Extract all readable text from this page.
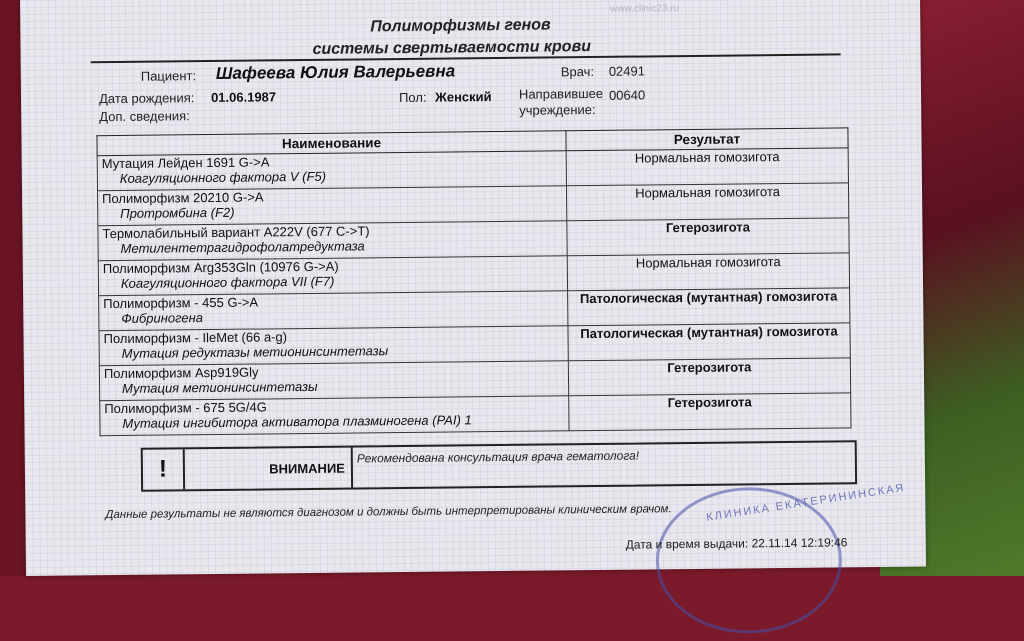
www.clinic23.ru
Полиморфизмы генов
системы свертываемости крови
Пациент: Шафеева Юлия Валерьевна	Врач: 02491
Дата рождения: 01.06.1987	Пол: Женский Направившее
учреждение:
00640
Доп. сведения:
Наименование	Результат
Мутация Лейден 1691 G->A
Коагуляционного фактора V (F5)	Нормальная гомозигота
Полиморфизм 20210 G->A
Протромбина (F2)	Нормальная гомозигота
Термолабильный вариант A222V (677 C->T)
Метилентетрагидрофолатредуктаза	Гетерозигота
Полиморфизм Arg353Gln (10976 G->A)
Коагуляционного фактора VII (F7)	Нормальная гомозигота
Полиморфизм - 455 G->A
Фибриногена	Патологическая (мутантная) гомозигота
Полиморфизм - IleMet (66 a-g)
Мутация редуктазы метионинсинтетазы	Патологическая (мутантная) гомозигота
Полиморфизм Asp919Gly
Мутация метионинсинтетазы	Гетерозигота
Полиморфизм - 675 5G/4G
Мутация ингибитора активатора плазминогена (PAI) 1	Гетерозигота
!	ВНИМАНИЕ
Рекомендована консультация врача гематолога!
КЛИНИКА ЕКАТЕРИНИНСКАЯ
Данные результаты не являются диагнозом и должны быть интерпретированы клиническим врачом.
Дата и время выдачи: 22.11.14 12:19:46
